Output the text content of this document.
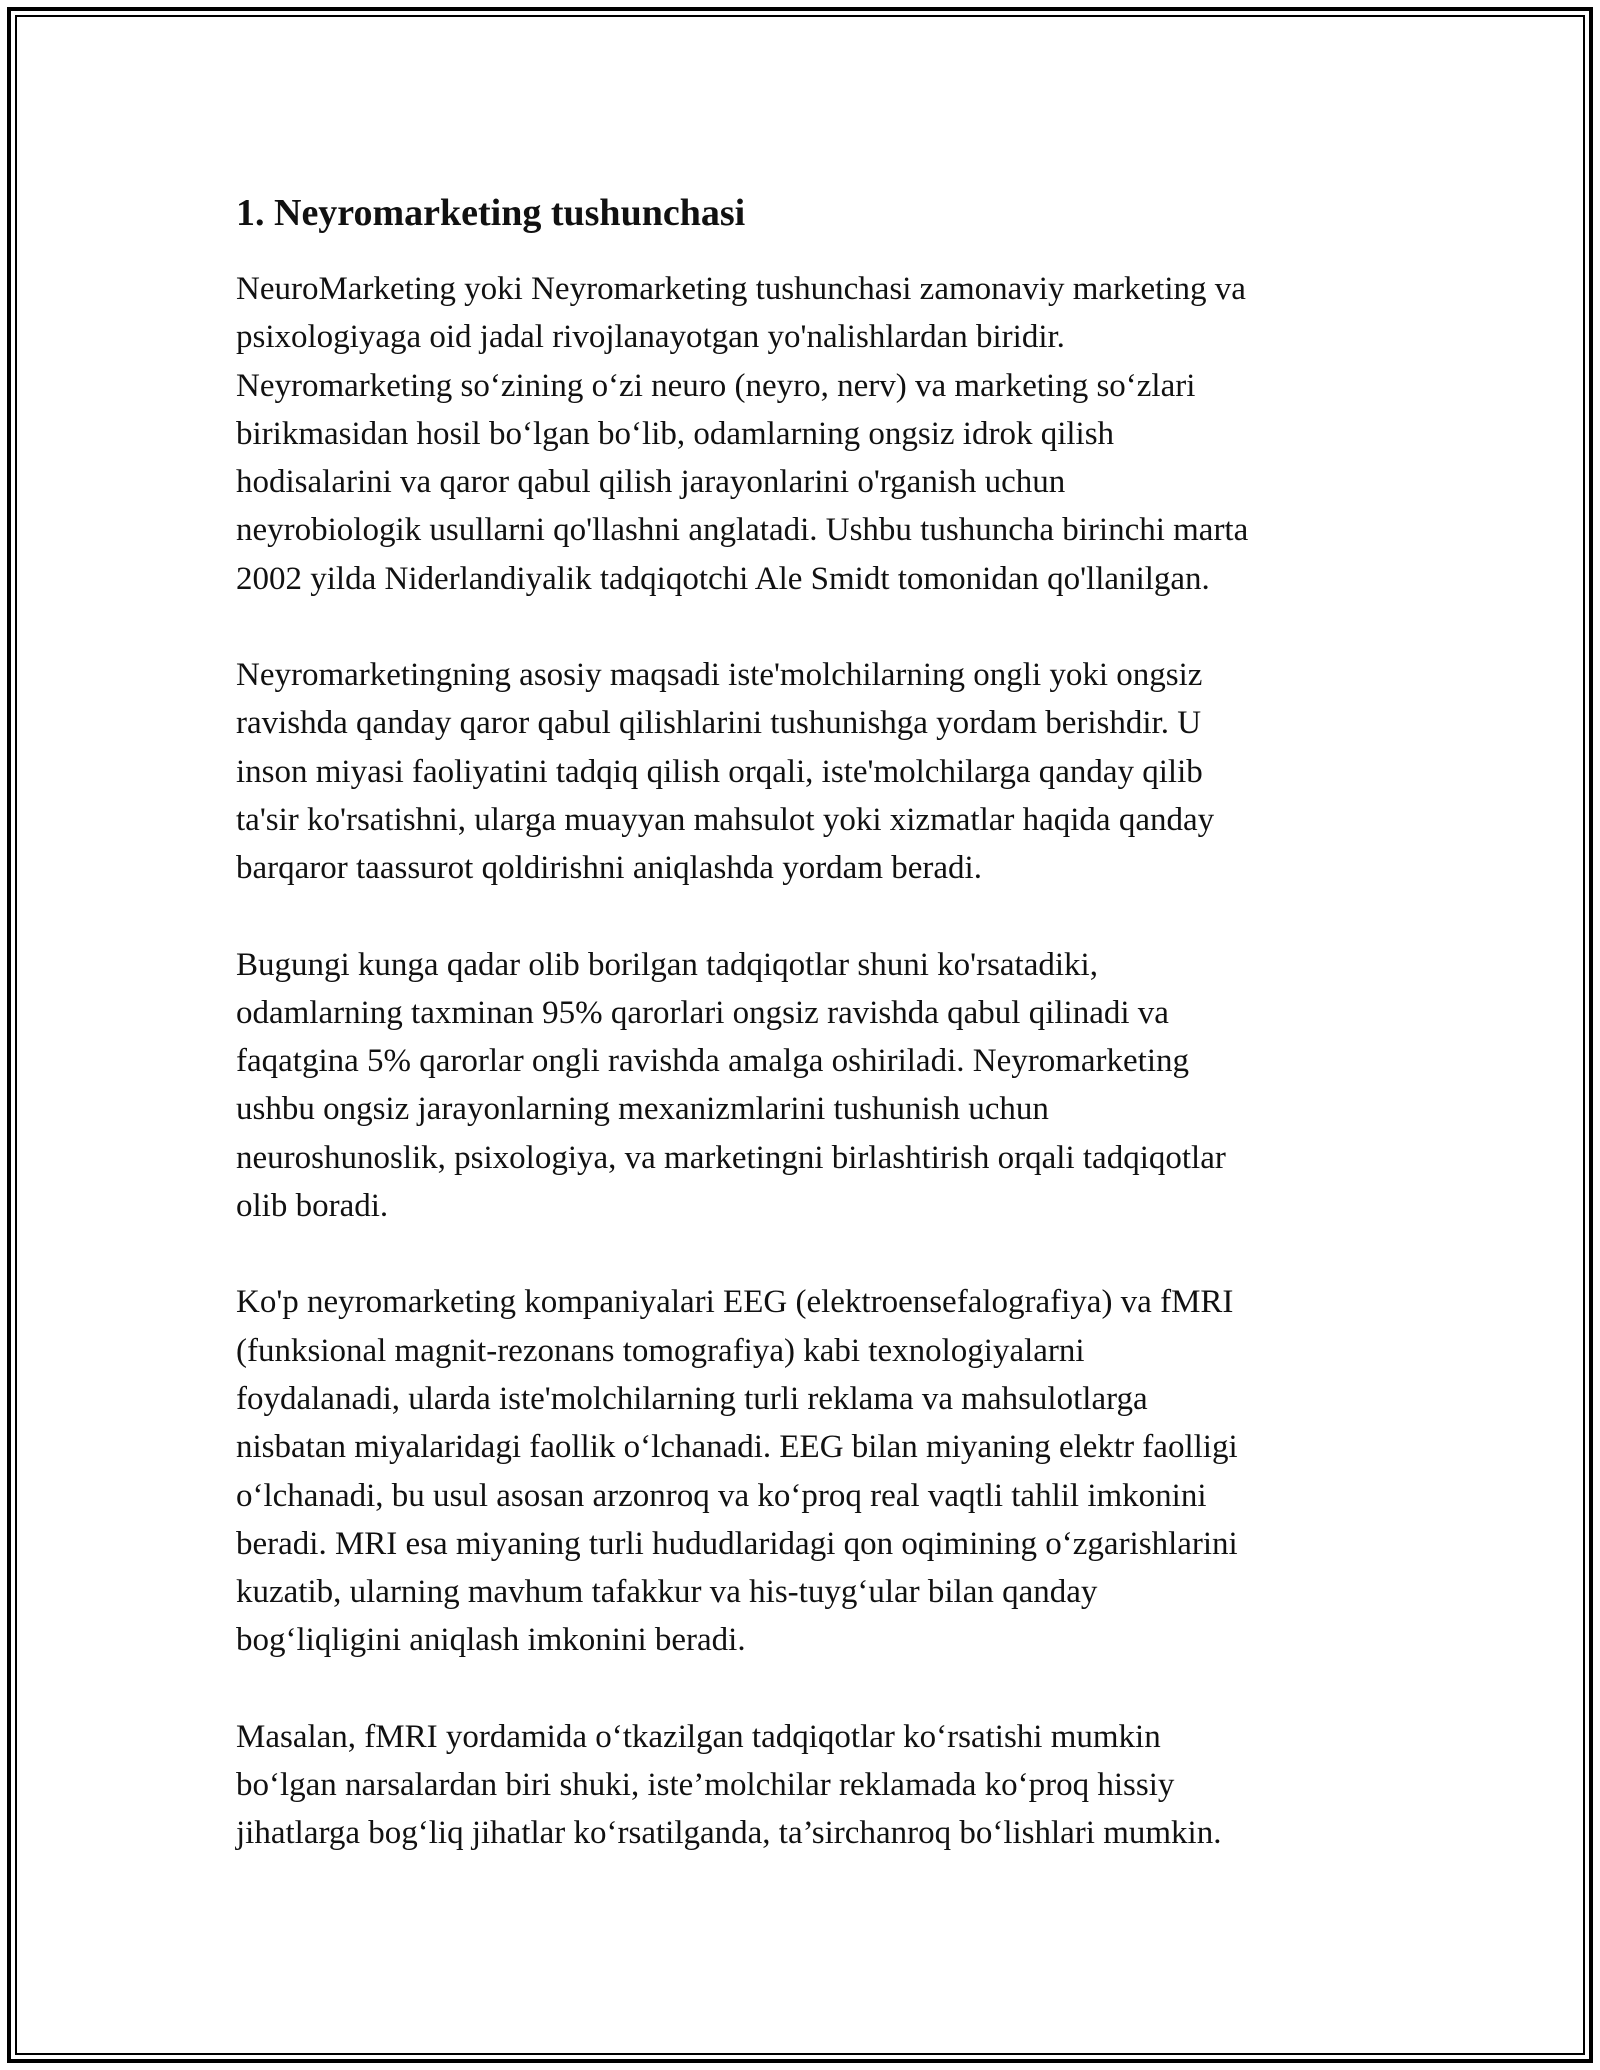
1. Neyromarketing tushunchasi

NeuroMarketing yoki Neyromarketing tushunchasi zamonaviy marketing va
psixologiyaga oid jadal rivojlanayotgan yo'nalishlardan biridir.
Neyromarketing so‘zining o‘zi neuro (neyro, nerv) va marketing so‘zlari
birikmasidan hosil bo‘lgan bo‘lib, odamlarning ongsiz idrok qilish
hodisalarini va qaror qabul qilish jarayonlarini o'rganish uchun
neyrobiologik usullarni qo'llashni anglatadi. Ushbu tushuncha birinchi marta
2002 yilda Niderlandiyalik tadqiqotchi Ale Smidt tomonidan qo'llanilgan.

Neyromarketingning asosiy maqsadi iste'molchilarning ongli yoki ongsiz
ravishda qanday qaror qabul qilishlarini tushunishga yordam berishdir. U
inson miyasi faoliyatini tadqiq qilish orqali, iste'molchilarga qanday qilib
ta'sir ko'rsatishni, ularga muayyan mahsulot yoki xizmatlar haqida qanday
barqaror taassurot qoldirishni aniqlashda yordam beradi.

Bugungi kunga qadar olib borilgan tadqiqotlar shuni ko'rsatadiki,
odamlarning taxminan 95% qarorlari ongsiz ravishda qabul qilinadi va
faqatgina 5% qarorlar ongli ravishda amalga oshiriladi. Neyromarketing
ushbu ongsiz jarayonlarning mexanizmlarini tushunish uchun
neuroshunoslik, psixologiya, va marketingni birlashtirish orqali tadqiqotlar
olib boradi.

Ko'p neyromarketing kompaniyalari EEG (elektroensefalografiya) va fMRI
(funksional magnit-rezonans tomografiya) kabi texnologiyalarni
foydalanadi, ularda iste'molchilarning turli reklama va mahsulotlarga
nisbatan miyalaridagi faollik o‘lchanadi. EEG bilan miyaning elektr faolligi
o‘lchanadi, bu usul asosan arzonroq va ko‘proq real vaqtli tahlil imkonini
beradi. MRI esa miyaning turli hududlaridagi qon oqimining o‘zgarishlarini
kuzatib, ularning mavhum tafakkur va his-tuyg‘ular bilan qanday
bog‘liqligini aniqlash imkonini beradi.

Masalan, fMRI yordamida o‘tkazilgan tadqiqotlar ko‘rsatishi mumkin
bo‘lgan narsalardan biri shuki, iste’molchilar reklamada ko‘proq hissiy
jihatlarga bog‘liq jihatlar ko‘rsatilganda, ta’sirchanroq bo‘lishlari mumkin.
